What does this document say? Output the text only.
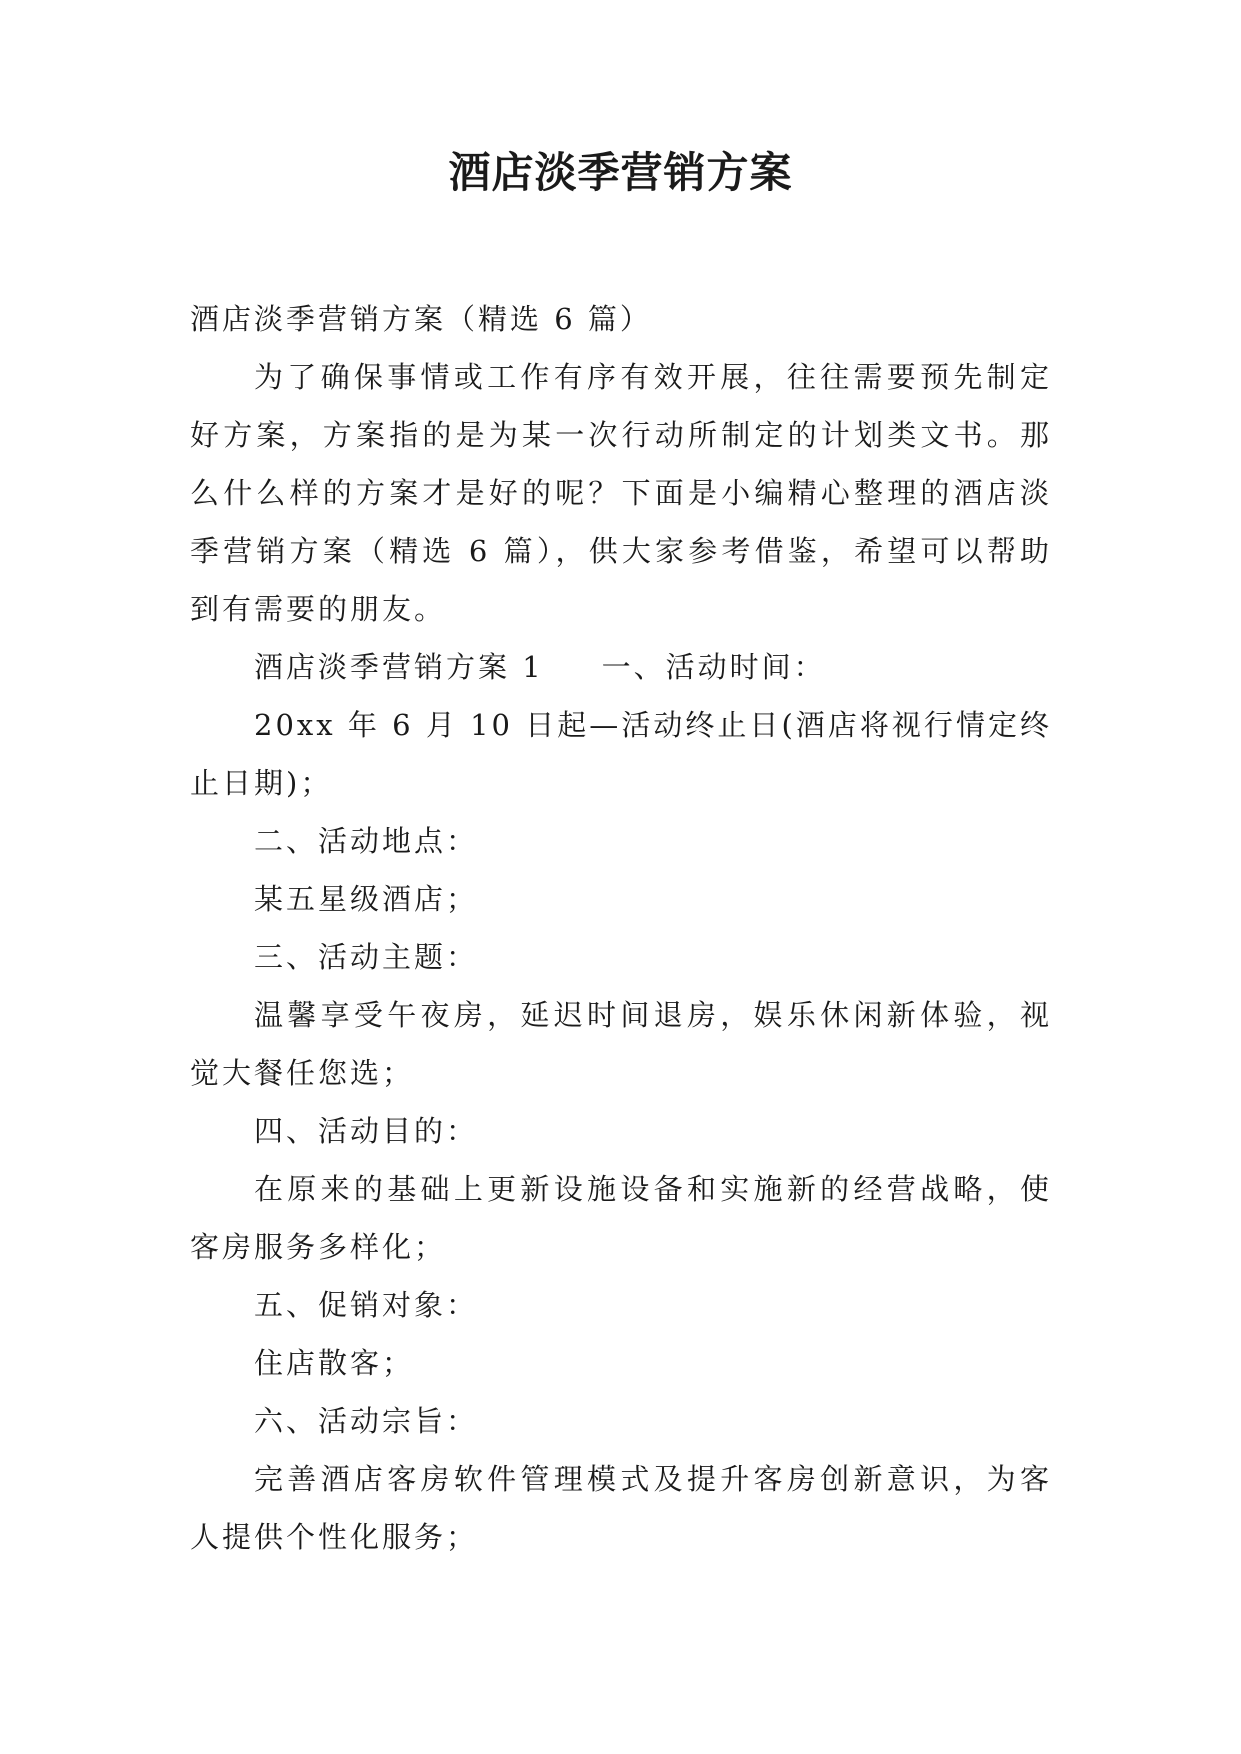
酒店淡季营销方案

酒店淡季营销方案（精选 6 篇）

为了确保事情或工作有序有效开展，往往需要预先制定好方案，方案指的是为某一次行动所制定的计划类文书。那么什么样的方案才是好的呢？下面是小编精心整理的酒店淡季营销方案（精选 6 篇），供大家参考借鉴，希望可以帮助到有需要的朋友。

酒店淡季营销方案 1 一、活动时间：

20xx 年 6 月 10 日起—活动终止日(酒店将视行情定终止日期)；

二、活动地点：

某五星级酒店；

三、活动主题：

温馨享受午夜房，延迟时间退房，娱乐休闲新体验，视觉大餐任您选；

四、活动目的：

在原来的基础上更新设施设备和实施新的经营战略，使客房服务多样化；

五、促销对象：

住店散客；

六、活动宗旨：

完善酒店客房软件管理模式及提升客房创新意识，为客人提供个性化服务；
